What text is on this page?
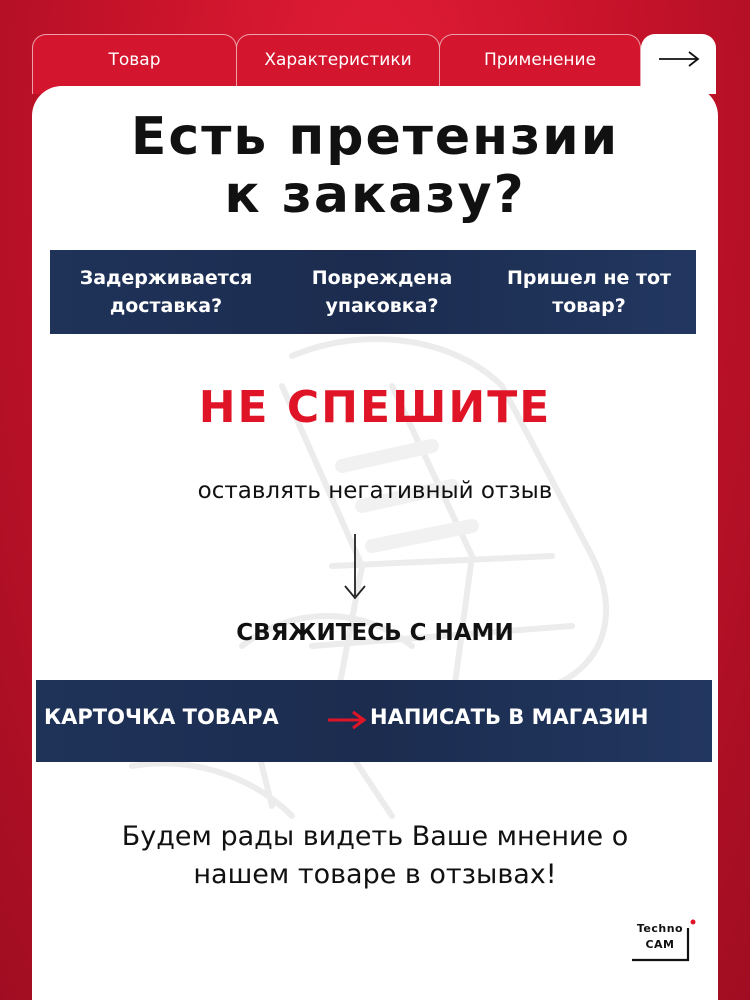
Товар	Характеристики	Применение
Есть претензии
к заказу?
Задерживается
доставка?
Повреждена
упаковка?
Пришел не тот
товар?
НЕ СПЕШИТЕ
оставлять негативный отзыв
СВЯЖИТЕСЬ С НАМИ
КАРТОЧКА ТОВАРА	НАПИСАТЬ В МАГАЗИН
Будем рады видеть Ваше мнение о
нашем товаре в отзывах!
Techno
CAM
